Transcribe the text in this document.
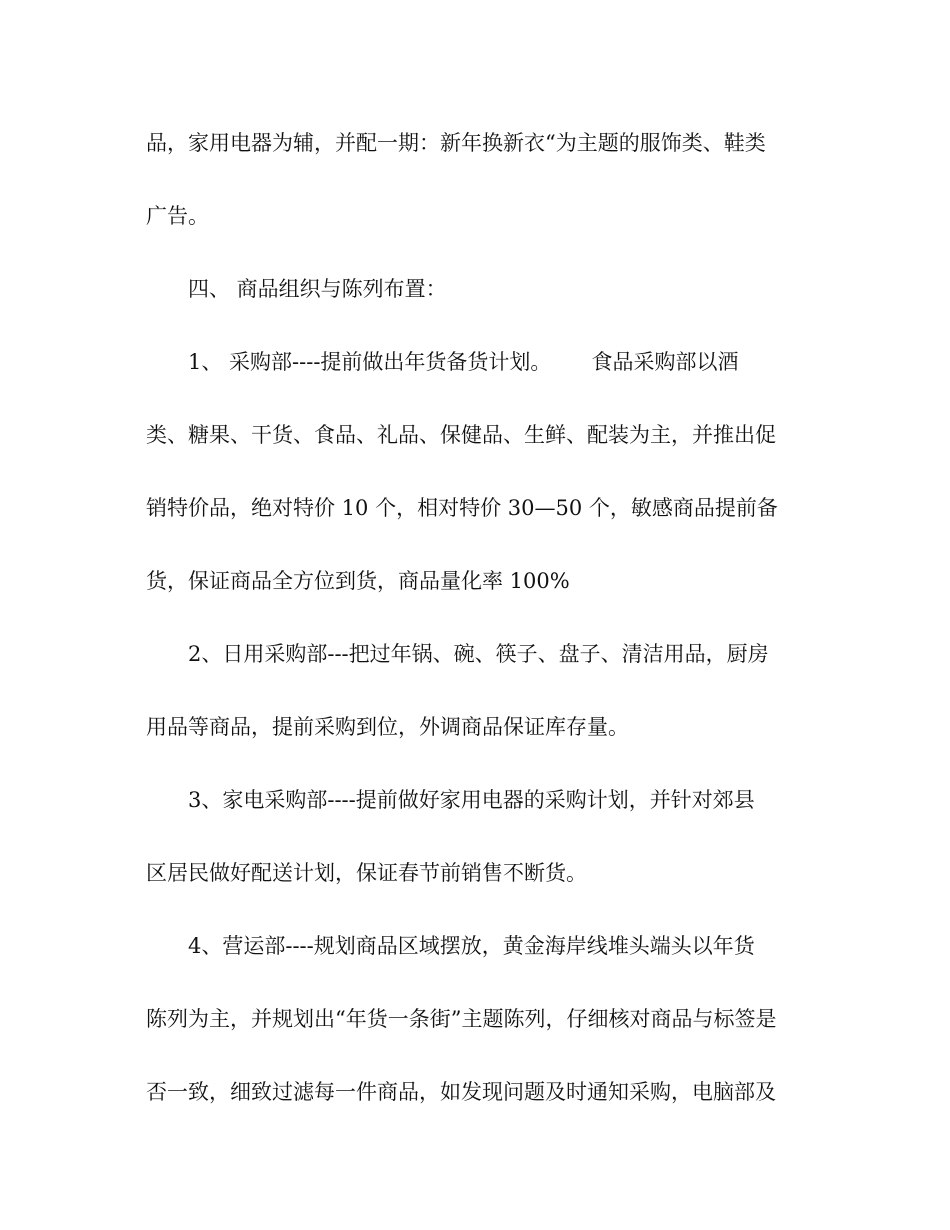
品，家用电器为辅，并配一期：新年换新衣“为主题的服饰类、鞋类
广告。
四、 商品组织与陈列布置：
1、 采购部----提前做出年货备货计划。      食品采购部以酒
类、糖果、干货、食品、礼品、保健品、生鲜、配装为主，并推出促
销特价品，绝对特价 10 个，相对特价 30—50 个，敏感商品提前备
货，保证商品全方位到货，商品量化率 100%
2、日用采购部---把过年锅、碗、筷子、盘子、清洁用品，厨房
用品等商品，提前采购到位，外调商品保证库存量。
3、家电采购部----提前做好家用电器的采购计划，并针对郊县
区居民做好配送计划，保证春节前销售不断货。
4、营运部----规划商品区域摆放，黄金海岸线堆头端头以年货
陈列为主，并规划出“年货一条街”主题陈列，仔细核对商品与标签是
否一致，细致过滤每一件商品，如发现问题及时通知采购，电脑部及
